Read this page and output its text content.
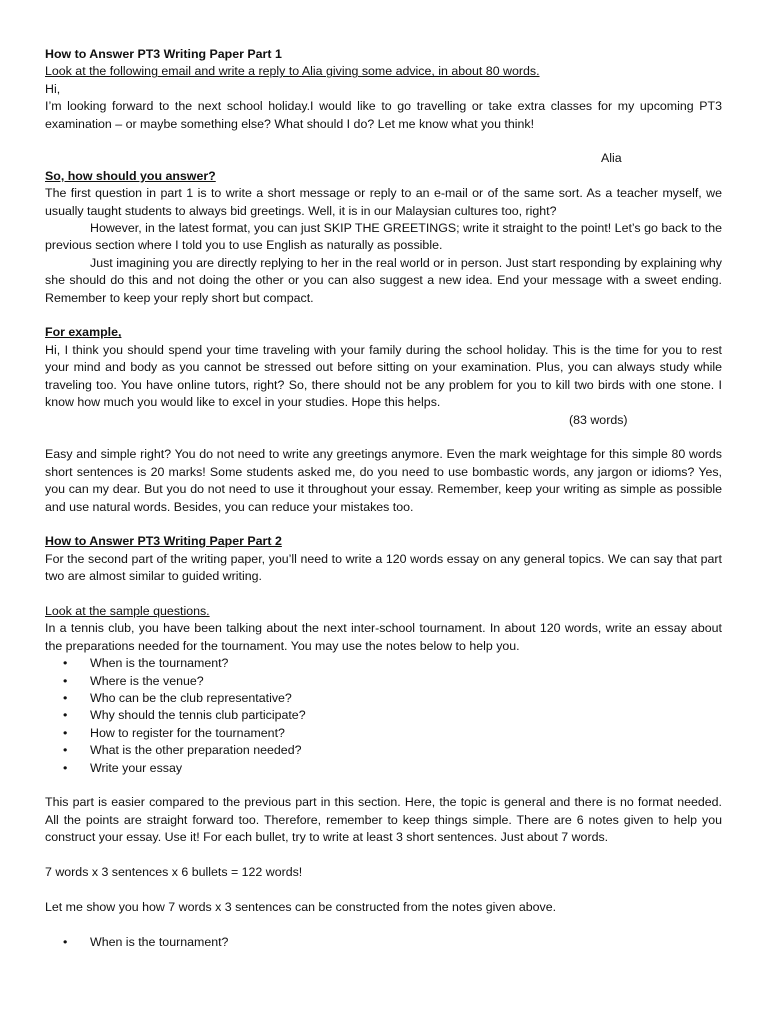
How to Answer PT3 Writing Paper Part 1

Look at the following email and write a reply to Alia giving some advice, in about 80 words.

Hi,

I’m looking forward to the next school holiday.I would like to go travelling or take extra classes for my upcoming PT3 examination – or maybe something else? What should I do? Let me know what you think!

Alia

So, how should you answer?

The first question in part 1 is to write a short message or reply to an e-mail or of the same sort. As a teacher myself, we usually taught students to always bid greetings. Well, it is in our Malaysian cultures too, right?

However, in the latest format, you can just SKIP THE GREETINGS; write it straight to the point! Let’s go back to the previous section where I told you to use English as naturally as possible.

Just imagining you are directly replying to her in the real world or in person. Just start responding by explaining why she should do this and not doing the other or you can also suggest a new idea. End your message with a sweet ending. Remember to keep your reply short but compact.

For example,

Hi, I think you should spend your time traveling with your family during the school holiday. This is the time for you to rest your mind and body as you cannot be stressed out before sitting on your examination. Plus, you can always study while traveling too. You have online tutors, right? So, there should not be any problem for you to kill two birds with one stone. I know how much you would like to excel in your studies. Hope this helps.

(83 words)

Easy and simple right? You do not need to write any greetings anymore. Even the mark weightage for this simple 80 words short sentences is 20 marks! Some students asked me, do you need to use bombastic words, any jargon or idioms? Yes, you can my dear. But you do not need to use it throughout your essay. Remember, keep your writing as simple as possible and use natural words. Besides, you can reduce your mistakes too.

How to Answer PT3 Writing Paper Part 2

For the second part of the writing paper, you’ll need to write a 120 words essay on any general topics. We can say that part two are almost similar to guided writing.

Look at the sample questions.

In a tennis club, you have been talking about the next inter-school tournament. In about 120 words, write an essay about the preparations needed for the tournament. You may use the notes below to help you.

• When is the tournament?
• Where is the venue?
• Who can be the club representative?
• Why should the tennis club participate?
• How to register for the tournament?
• What is the other preparation needed?
• Write your essay

This part is easier compared to the previous part in this section. Here, the topic is general and there is no format needed. All the points are straight forward too. Therefore, remember to keep things simple. There are 6 notes given to help you construct your essay. Use it! For each bullet, try to write at least 3 short sentences. Just about 7 words.

7 words x 3 sentences x 6 bullets = 122 words!

Let me show you how 7 words x 3 sentences can be constructed from the notes given above.

• When is the tournament?
